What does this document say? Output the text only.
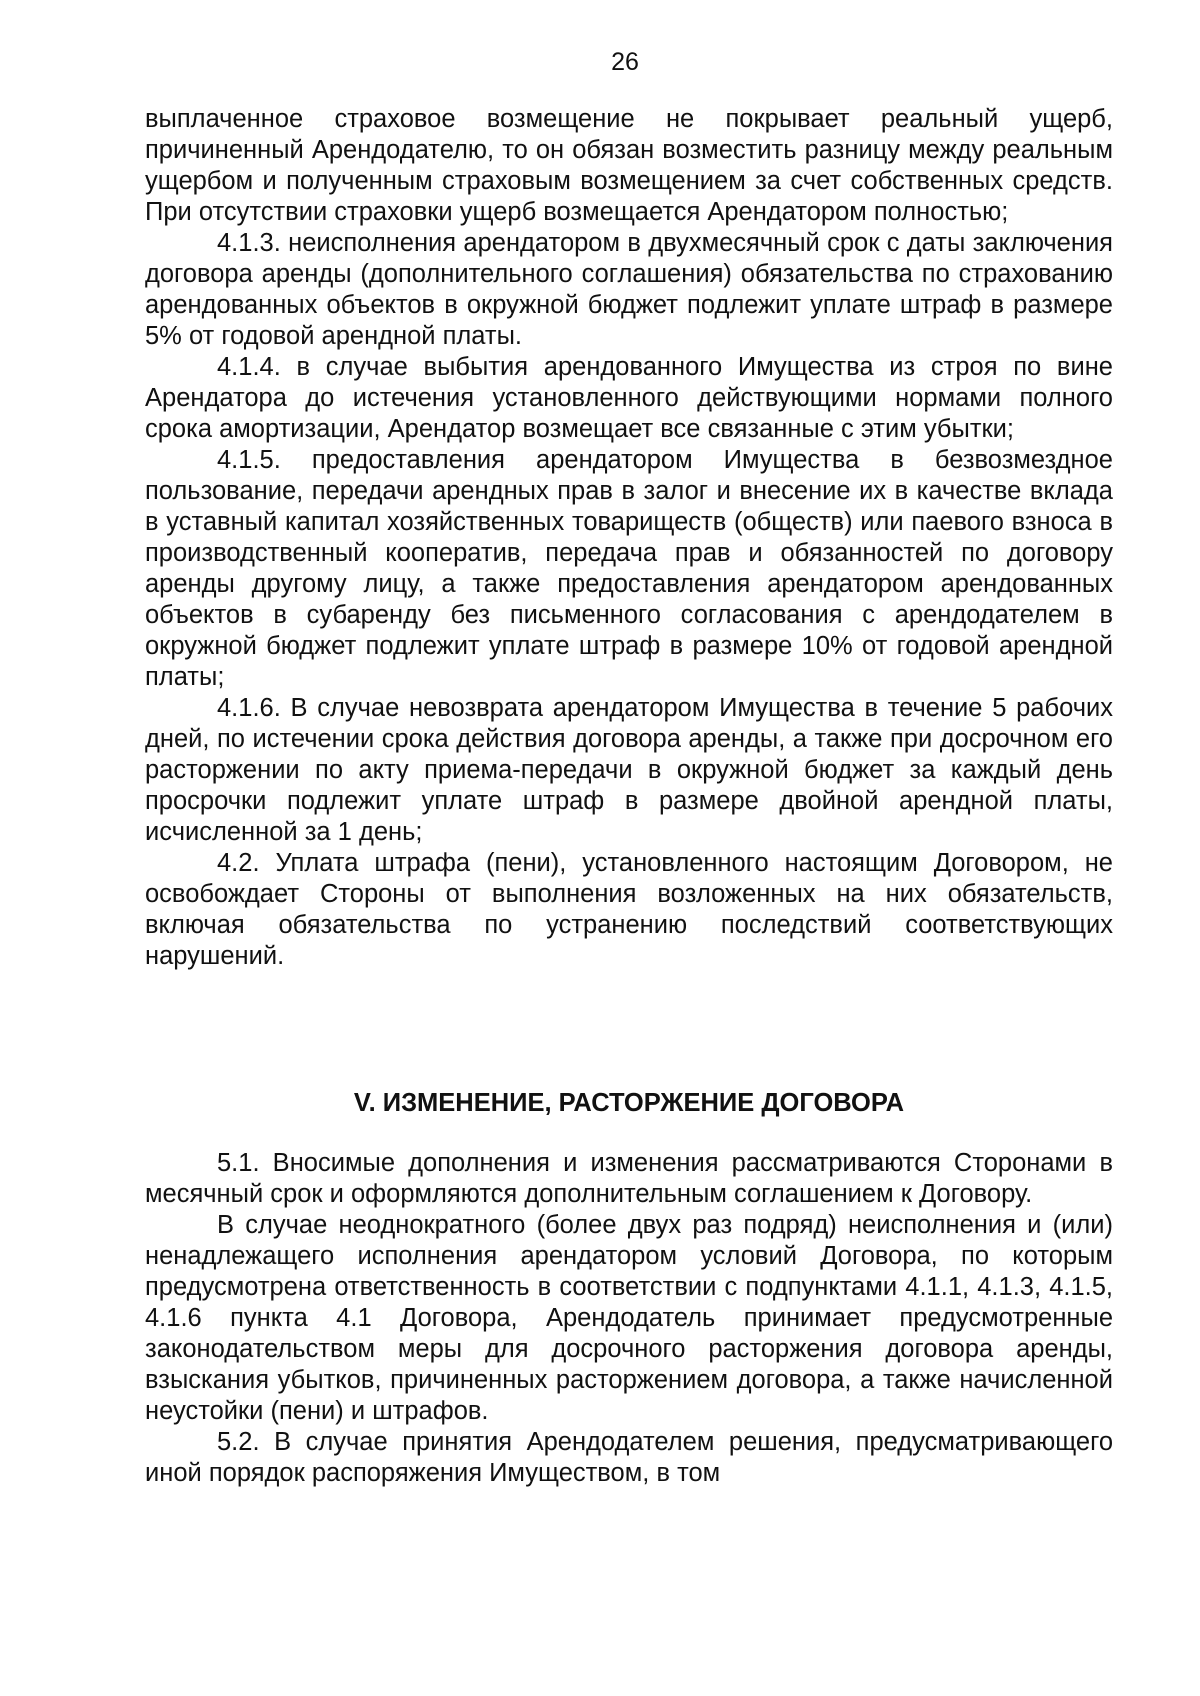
26

выплаченное страховое возмещение не покрывает реальный ущерб, причиненный Арендодателю, то он обязан возместить разницу между реальным ущербом и полученным страховым возмещением за счет собственных средств. При отсутствии страховки ущерб возмещается Арендатором полностью;

4.1.3. неисполнения арендатором в двухмесячный срок с даты заключения договора аренды (дополнительного соглашения) обязательства по страхованию арендованных объектов в окружной бюджет подлежит уплате штраф в размере 5% от годовой арендной платы.

4.1.4. в случае выбытия арендованного Имущества из строя по вине Арендатора до истечения установленного действующими нормами полного срока амортизации, Арендатор возмещает все связанные с этим убытки;

4.1.5. предоставления арендатором Имущества в безвозмездное пользование, передачи арендных прав в залог и внесение их в качестве вклада в уставный капитал хозяйственных товариществ (обществ) или паевого взноса в производственный кооператив, передача прав и обязанностей по договору аренды другому лицу, а также предоставления арендатором арендованных объектов в субаренду без письменного согласования с арендодателем в окружной бюджет подлежит уплате штраф в размере 10% от годовой арендной платы;

4.1.6. В случае невозврата арендатором Имущества в течение 5 рабочих дней, по истечении срока действия договора аренды, а также при досрочном его расторжении по акту приема-передачи в окружной бюджет за каждый день просрочки подлежит уплате штраф в размере двойной арендной платы, исчисленной за 1 день;

4.2. Уплата штрафа (пени), установленного настоящим Договором, не освобождает Стороны от выполнения возложенных на них обязательств, включая обязательства по устранению последствий соответствующих нарушений.

V. ИЗМЕНЕНИЕ, РАСТОРЖЕНИЕ ДОГОВОРА

5.1. Вносимые дополнения и изменения рассматриваются Сторонами в месячный срок и оформляются дополнительным соглашением к Договору.

В случае неоднократного (более двух раз подряд) неисполнения и (или) ненадлежащего исполнения арендатором условий Договора, по которым предусмотрена ответственность в соответствии с подпунктами 4.1.1, 4.1.3, 4.1.5, 4.1.6 пункта 4.1 Договора, Арендодатель принимает предусмотренные законодательством меры для досрочного расторжения договора аренды, взыскания убытков, причиненных расторжением договора, а также начисленной неустойки (пени) и штрафов.

5.2. В случае принятия Арендодателем решения, предусматривающего иной порядок распоряжения Имуществом, в том
